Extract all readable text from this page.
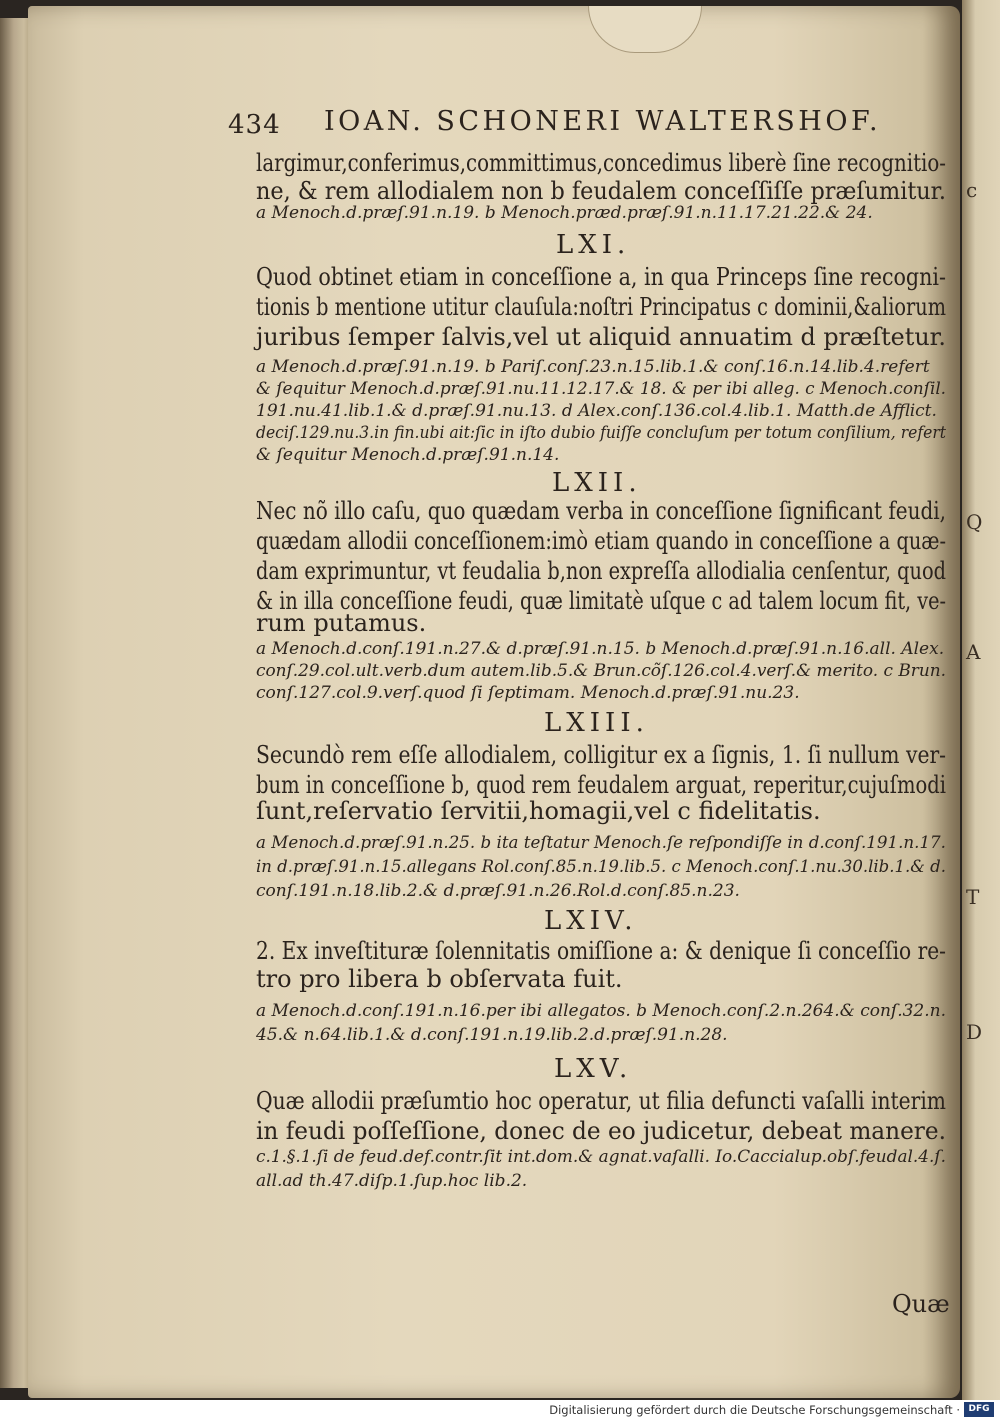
c
Q
A
T
D
434 IOAN. SCHONERI WALTERSHOF.
largimur,conferimus,committimus,concedimus liberè ſine recognitio-
ne, & rem allodialem non b feudalem conceſſiſſe præſumitur.
a Menoch.d.præſ.91.n.19. b Menoch.præd.præſ.91.n.11.17.21.22.& 24.
LXI.
Quod obtinet etiam in conceſſione a, in qua Princeps ſine recogni-
tionis b mentione utitur clauſula:noſtri Principatus c dominii,&aliorum
juribus ſemper ſalvis,vel ut aliquid annuatim d præſtetur.
a Menoch.d.præſ.91.n.19. b Pariſ.conſ.23.n.15.lib.1.& conſ.16.n.14.lib.4.refert
& ſequitur Menoch.d.præſ.91.nu.11.12.17.& 18. & per ibi alleg. c Menoch.conſil.
191.nu.41.lib.1.& d.præſ.91.nu.13. d Alex.conſ.136.col.4.lib.1. Matth.de Afflict.
deciſ.129.nu.3.in fin.ubi ait:ſic in iſto dubio fuiſſe concluſum per totum conſilium, refert
& ſequitur Menoch.d.præſ.91.n.14.
LXII.
Nec nõ illo caſu, quo quædam verba in conceſſione ſignificant feudi,
quædam allodii conceſſionem:imò etiam quando in conceſſione a quæ-
dam exprimuntur, vt feudalia b,non expreſſa allodialia cenſentur, quod
& in illa conceſſione feudi, quæ limitatè uſque c ad talem locum fit, ve-
rum putamus.
a Menoch.d.conſ.191.n.27.& d.præſ.91.n.15. b Menoch.d.præſ.91.n.16.all. Alex.
conſ.29.col.ult.verb.dum autem.lib.5.& Brun.cõſ.126.col.4.verſ.& merito. c Brun.
conſ.127.col.9.verſ.quod ſi ſeptimam. Menoch.d.præſ.91.nu.23.
LXIII.
Secundò rem eſſe allodialem, colligitur ex a ſignis, 1. ſi nullum ver-
bum in conceſſione b, quod rem feudalem arguat, reperitur,cujuſmodi
ſunt,reſervatio ſervitii,homagii,vel c fidelitatis.
a Menoch.d.præſ.91.n.25. b ita teſtatur Menoch.ſe reſpondiſſe in d.conſ.191.n.17.
in d.præſ.91.n.15.allegans Rol.conſ.85.n.19.lib.5. c Menoch.conſ.1.nu.30.lib.1.& d.
conſ.191.n.18.lib.2.& d.præſ.91.n.26.Rol.d.conſ.85.n.23.
LXIV.
2. Ex inveſtituræ ſolennitatis omiſſione a: & denique ſi conceſſio re-
tro pro libera b obſervata fuit.
a Menoch.d.conſ.191.n.16.per ibi allegatos. b Menoch.conſ.2.n.264.& conſ.32.n.
45.& n.64.lib.1.& d.conſ.191.n.19.lib.2.d.præſ.91.n.28.
LXV.
Quæ allodii præſumtio hoc operatur, ut filia defuncti vaſalli interim
in feudi poſſeſſione, donec de eo judicetur, debeat manere.
c.1.§.1.ſi de feud.def.contr.ſit int.dom.& agnat.vaſalli. Io.Caccialup.obſ.feudal.4.ſ.
all.ad th.47.diſp.1.ſup.hoc lib.2.
Quæ
Digitalisierung gefördert durch die Deutsche Forschungsgemeinschaft · DFG
